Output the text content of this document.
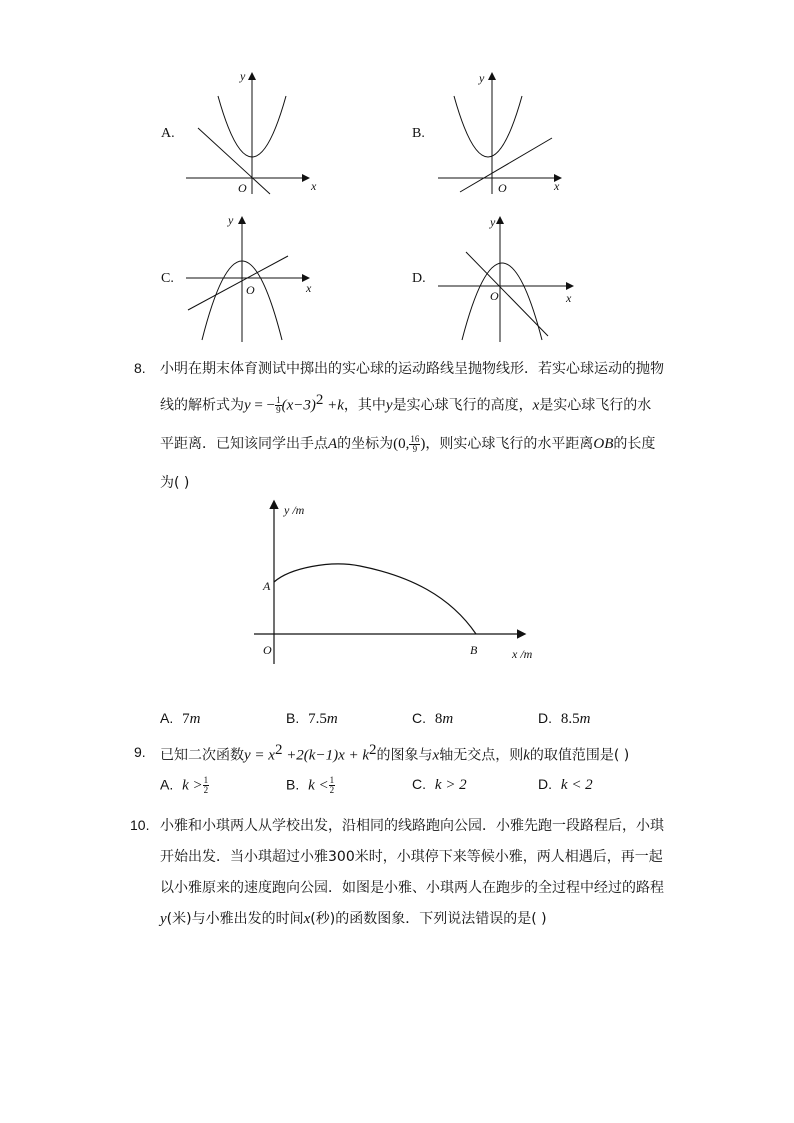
A.
y
x
O
B.
y
x
O
C.
y
x
O
D.
y
x
O
8. 小明在期末体育测试中掷出的实心球的运动路线呈抛物线形．若实心球运动的抛物
线的解析式为y = − $\frac{1}{9} (x-3)^2 +k$，其中y是实心球飞行的高度，x是实心球飞行的水
平距离．已知该同学出手点A的坐标为(0, $\frac{16}{9}$ )，则实心球飞行的水平距离OB的长度
为( )
y /m
x /m
A
O	B
A. 7m	B. 7.5m	C. 8m	D. 8.5m
9. 已知二次函数$y = x^2 +2(k-1)x + k^2$的图象与x轴无交点，则k的取值范围是( )
A. $k > \frac{1}{2}$	B. $k < \frac{1}{2}$	C. k > 2	D. k < 2
10. 小雅和小琪两人从学校出发，沿相同的线路跑向公园．小雅先跑一段路程后，小琪
开始出发．当小琪超过小雅300米时，小琪停下来等候小雅，两人相遇后，再一起
以小雅原来的速度跑向公园．如图是小雅、小琪两人在跑步的全过程中经过的路程
y(米)与小雅出发的时间x(秒)的函数图象．下列说法错误的是( )
